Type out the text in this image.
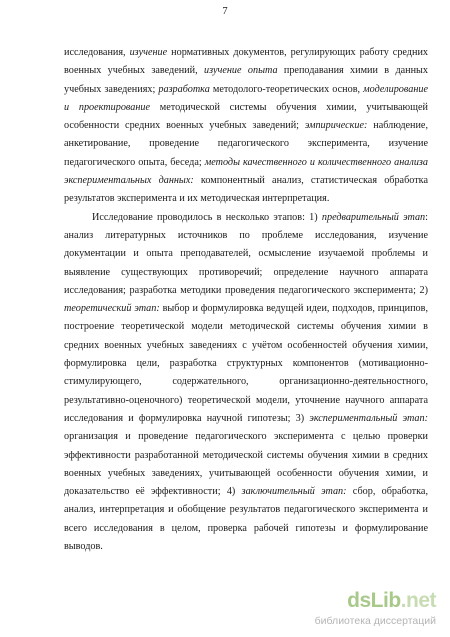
7

исследования, изучение нормативных документов, регулирующих работу средних военных учебных заведений, изучение опыта преподавания химии в данных учебных заведениях; разработка методолого-теоретических основ, моделирование и проектирование методической системы обучения химии, учитывающей особенности средних военных учебных заведений; эмпирические: наблюдение, анкетирование, проведение педагогического эксперимента, изучение педагогического опыта, беседа; методы качественного и количественного анализа экспериментальных данных: компонентный анализ, статистическая обработка результатов эксперимента и их методическая интерпретация.

Исследование проводилось в несколько этапов: 1) предварительный этап: анализ литературных источников по проблеме исследования, изучение документации и опыта преподавателей, осмысление изучаемой проблемы и выявление существующих противоречий; определение научного аппарата исследования; разработка методики проведения педагогического эксперимента; 2) теоретический этап: выбор и формулировка ведущей идеи, подходов, принципов, построение теоретической модели методической системы обучения химии в средних военных учебных заведениях с учётом особенностей обучения химии, формулировка цели, разработка структурных компонентов (мотивационно-стимулирующего, содержательного, организационно-деятельностного, результативно-оценочного) теоретической модели, уточнение научного аппарата исследования и формулировка научной гипотезы; 3) экспериментальный этап: организация и проведение педагогического эксперимента с целью проверки эффективности разработанной методической системы обучения химии в средних военных учебных заведениях, учитывающей особенности обучения химии, и доказательство её эффективности; 4) заключительный этап: сбор, обработка, анализ, интерпретация и обобщение результатов педагогического эксперимента и всего исследования в целом, проверка рабочей гипотезы и формулирование выводов.

dsLib.net
библиотека диссертаций
